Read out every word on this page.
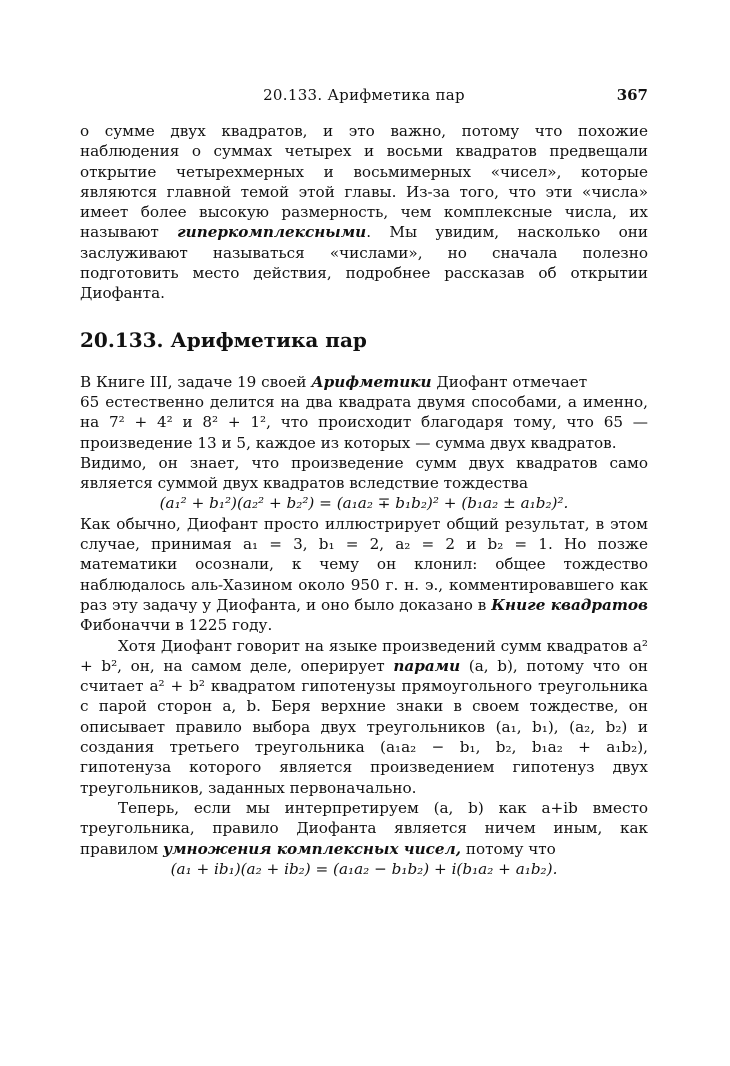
20.133. Арифметика пар	367

о сумме двух квадратов, и это важно, потому что похожие наблюдения о суммах четырех и восьми квадратов предвещали открытие четырехмерных и восьмимерных «чисел», которые являются главной темой этой главы. Из-за того, что эти «числа» имеет более высокую размерность, чем комплексные числа, их называют гиперкомплексными. Мы увидим, насколько они заслуживают называться «числами», но сначала полезно подготовить место действия, подробнее рассказав об открытии Диофанта.

20.133. Арифметика пар

В Книге III, задаче 19 своей Арифметики Диофант отмечает

65 естественно делится на два квадрата двумя способами, а именно, на 7² + 4² и 8² + 1², что происходит благодаря тому, что 65 — произведение 13 и 5, каждое из которых — сумма двух квадратов.

Видимо, он знает, что произведение сумм двух квадратов само является суммой двух квадратов вследствие тождества

(a₁² + b₁²)(a₂² + b₂²) = (a₁a₂ ∓ b₁b₂)² + (b₁a₂ ± a₁b₂)².

Как обычно, Диофант просто иллюстрирует общий результат, в этом случае, принимая a₁ = 3, b₁ = 2, a₂ = 2 и b₂ = 1. Но позже математики осознали, к чему он клонил: общее тождество наблюдалось аль-Хазином около 950 г. н. э., комментировавшего как раз эту задачу у Диофанта, и оно было доказано в Книге квадратов Фибоначчи в 1225 году.

Хотя Диофант говорит на языке произведений сумм квадратов a² + b², он, на самом деле, оперирует парами (a, b), потому что он считает a² + b² квадратом гипотенузы прямоугольного треугольника с парой сторон a, b. Беря верхние знаки в своем тождестве, он описывает правило выбора двух треугольников (a₁, b₁), (a₂, b₂) и создания третьего треугольника (a₁a₂ − b₁, b₂, b₁a₂ + a₁b₂), гипотенуза которого является произведением гипотенуз двух треугольников, заданных первоначально.

Теперь, если мы интерпретируем (a, b) как a+ib вместо треугольника, правило Диофанта является ничем иным, как правилом умножения комплексных чисел, потому что

(a₁ + ib₁)(a₂ + ib₂) = (a₁a₂ − b₁b₂) + i(b₁a₂ + a₁b₂).
